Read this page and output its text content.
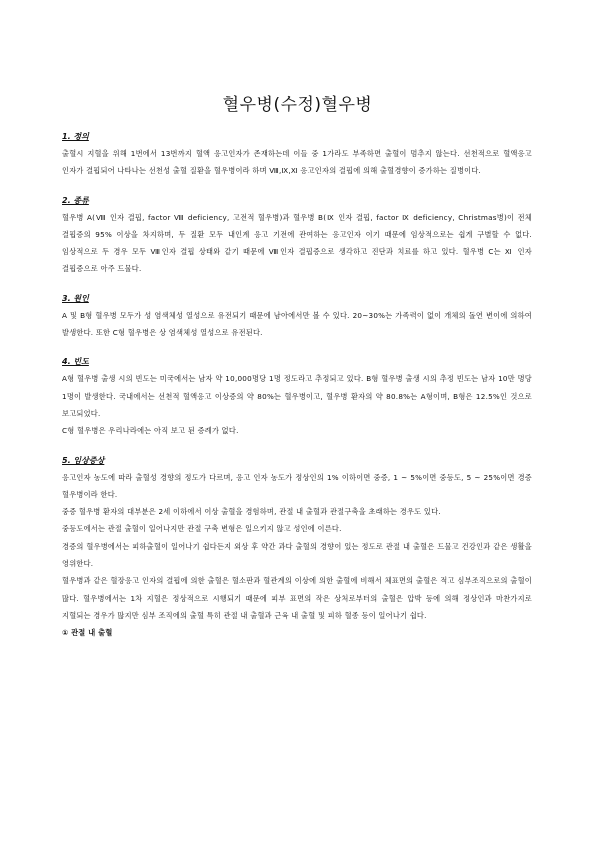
혈우병(수정)혈우병
1. 정의

출혈시 지혈을 위해 1번에서 13번까지 혈액 응고인자가 존재하는데 이들 중 1가라도 부족하면 출혈이 멈추지 않는다. 선천적으로 혈액응고 인자가 결핍되어 나타나는 선천성 출혈 질환을 혈우병이라 하며 Ⅷ,Ⅸ,Ⅺ 응고인자의 결핍에 의해 출혈경향이 증가하는 질병이다.

2. 종류

혈우병 A(Ⅷ 인자 결핍, factor Ⅷ deficiency, 고전적 혈우병)과 혈우병 B(Ⅸ 인자 결핍, factor Ⅸ deficiency, Christmas병)이 전체 결핍증의 95% 이상을 차지하며, 두 질환 모두 내인계 응고 기전에 관여하는 응고인자 이기 때문에 임상적으로는 쉽게 구별할 수 없다. 임상적으로 두 경우 모두 Ⅷ인자 결핍 상태와 같기 때문에 Ⅷ인자 결핍증으로 생각하고 진단과 치료를 하고 있다. 혈우병 C는 Ⅺ 인자 결핍증으로 아주 드물다.

3. 원인

A 및 B형 혈우병 모두가 성 염색체성 열성으로 유전되기 때문에 남아에서만 볼 수 있다. 20~30%는 가족력이 없이 개체의 돌연 변이에 의하여 발생한다. 또한 C형 혈우병은 상 염색체성 열성으로 유전된다.

4. 빈도

A형 혈우병 출생 시의 빈도는 미국에서는 남자 약 10,000명당 1명 정도라고 추정되고 있다. B형 혈우병 출생 시의 추정 빈도는 남자 10만 명당 1명이 발생한다. 국내에서는 선천적 혈액응고 이상증의 약 80%는 혈우병이고, 혈우병 환자의 약 80.8%는 A형이며, B형은 12.5%인 것으로 보고되었다.

C형 혈우병은 우리나라에는 아직 보고 된 증례가 없다.

5. 임상증상

응고인자 농도에 따라 출혈성 경향의 정도가 다르며, 응고 인자 농도가 정상인의 1% 이하이면 중증, 1 ~ 5%이면 중등도, 5 ~ 25%이면 경증 혈우병이라 한다.

중증 혈우병 환자의 대부분은 2세 이하에서 이상 출혈을 경험하며, 관절 내 출혈과 관절구축을 초래하는 경우도 있다.

중등도에서는 관절 출혈이 일어나지만 관절 구축 변형은 일으키지 않고 성인에 이른다.

경증의 혈우병에서는 피하출혈이 일어나기 쉽다든지 외상 후 약간 과다 출혈의 경향이 있는 정도로 관절 내 출혈은 드물고 건강인과 같은 생활을 영위한다.

혈우병과 같은 혈장응고 인자의 결핍에 의한 출혈은 혈소판과 혈관계의 이상에 의한 출혈에 비해서 체표면의 출혈은 적고 심부조직으로의 출혈이 많다. 혈우병에서는 1차 지혈은 정상적으로 시행되기 때문에 피부 표면의 작은 상처로부터의 출혈은 압박 등에 의해 정상인과 마찬가지로 지혈되는 경우가 많지만 심부 조직에의 출혈 특히 관절 내 출혈과 근육 내 출혈 및 피하 혈종 등이 일어나기 쉽다.

① 관절 내 출혈
